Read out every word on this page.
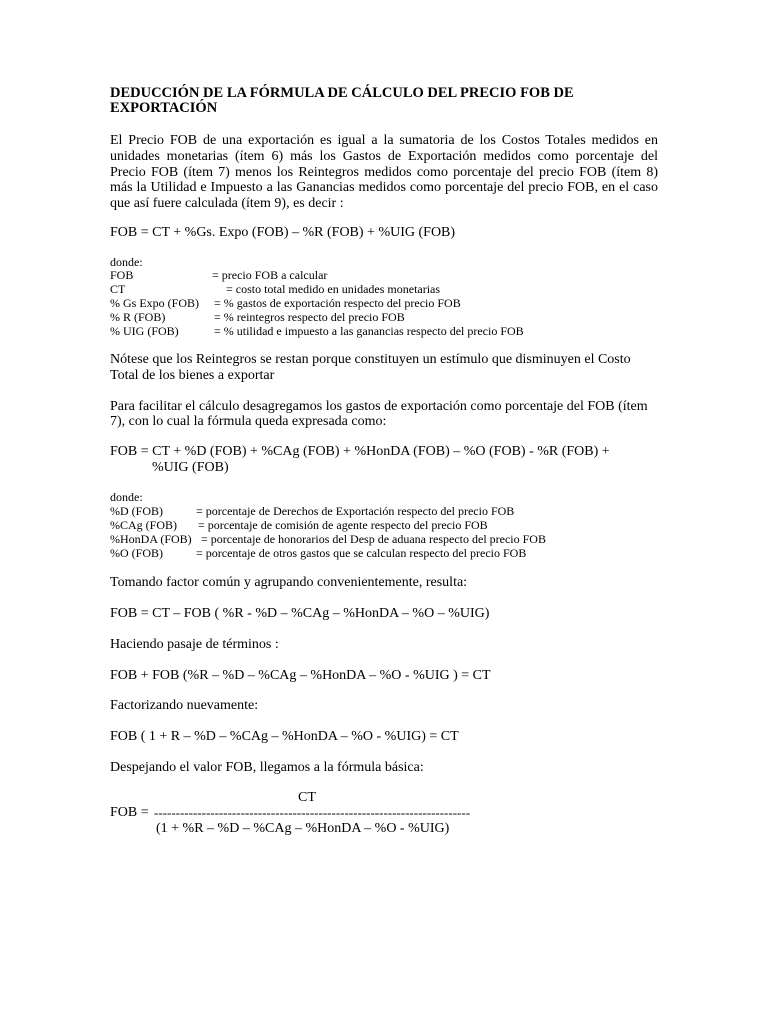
DEDUCCIÓN DE LA FÓRMULA DE CÁLCULO DEL PRECIO FOB DE
EXPORTACIÓN
El Precio FOB de una exportación es igual a la sumatoria de los Costos Totales medidos en
unidades monetarias (ítem 6) más los Gastos de Exportación medidos como porcentaje del
Precio FOB (ítem 7) menos los Reintegros medidos como porcentaje del precio FOB (ítem 8)
más la Utilidad e Impuesto a las Ganancias medidos como porcentaje del precio FOB, en el caso
que así fuere calculada (ítem 9), es decir :
FOB = CT + %Gs. Expo (FOB) – %R (FOB) + %UIG (FOB)
donde:
FOB	= precio FOB a calcular
CT	= costo total medido en unidades monetarias
% Gs Expo (FOB) = % gastos de exportación respecto del precio FOB
% R (FOB)	= % reintegros respecto del precio FOB
% UIG (FOB)	= % utilidad e impuesto a las ganancias respecto del precio FOB
Nótese que los Reintegros se restan porque constituyen un estímulo que disminuyen el Costo
Total de los bienes a exportar
Para facilitar el cálculo desagregamos los gastos de exportación como porcentaje del FOB (ítem
7), con lo cual la fórmula queda expresada como:
FOB = CT + %D (FOB) + %CAg (FOB) + %HonDA (FOB) – %O (FOB) - %R (FOB) +
%UIG (FOB)
donde:
%D (FOB)	= porcentaje de Derechos de Exportación respecto del precio FOB
%CAg (FOB) = porcentaje de comisión de agente respecto del precio FOB
%HonDA (FOB) = porcentaje de honorarios del Desp de aduana respecto del precio FOB
%O (FOB)	= porcentaje de otros gastos que se calculan respecto del precio FOB
Tomando factor común y agrupando convenientemente, resulta:
FOB = CT – FOB ( %R - %D – %CAg – %HonDA – %O – %UIG)
Haciendo pasaje de términos :
FOB + FOB (%R – %D – %CAg – %HonDA – %O - %UIG ) = CT
Factorizando nuevamente:
FOB ( 1 + R – %D – %CAg – %HonDA – %O - %UIG) = CT
Despejando el valor FOB, llegamos a la fórmula básica:
CT
FOB = -------------------------------------------------------------------------
(1 + %R – %D – %CAg – %HonDA – %O - %UIG)
